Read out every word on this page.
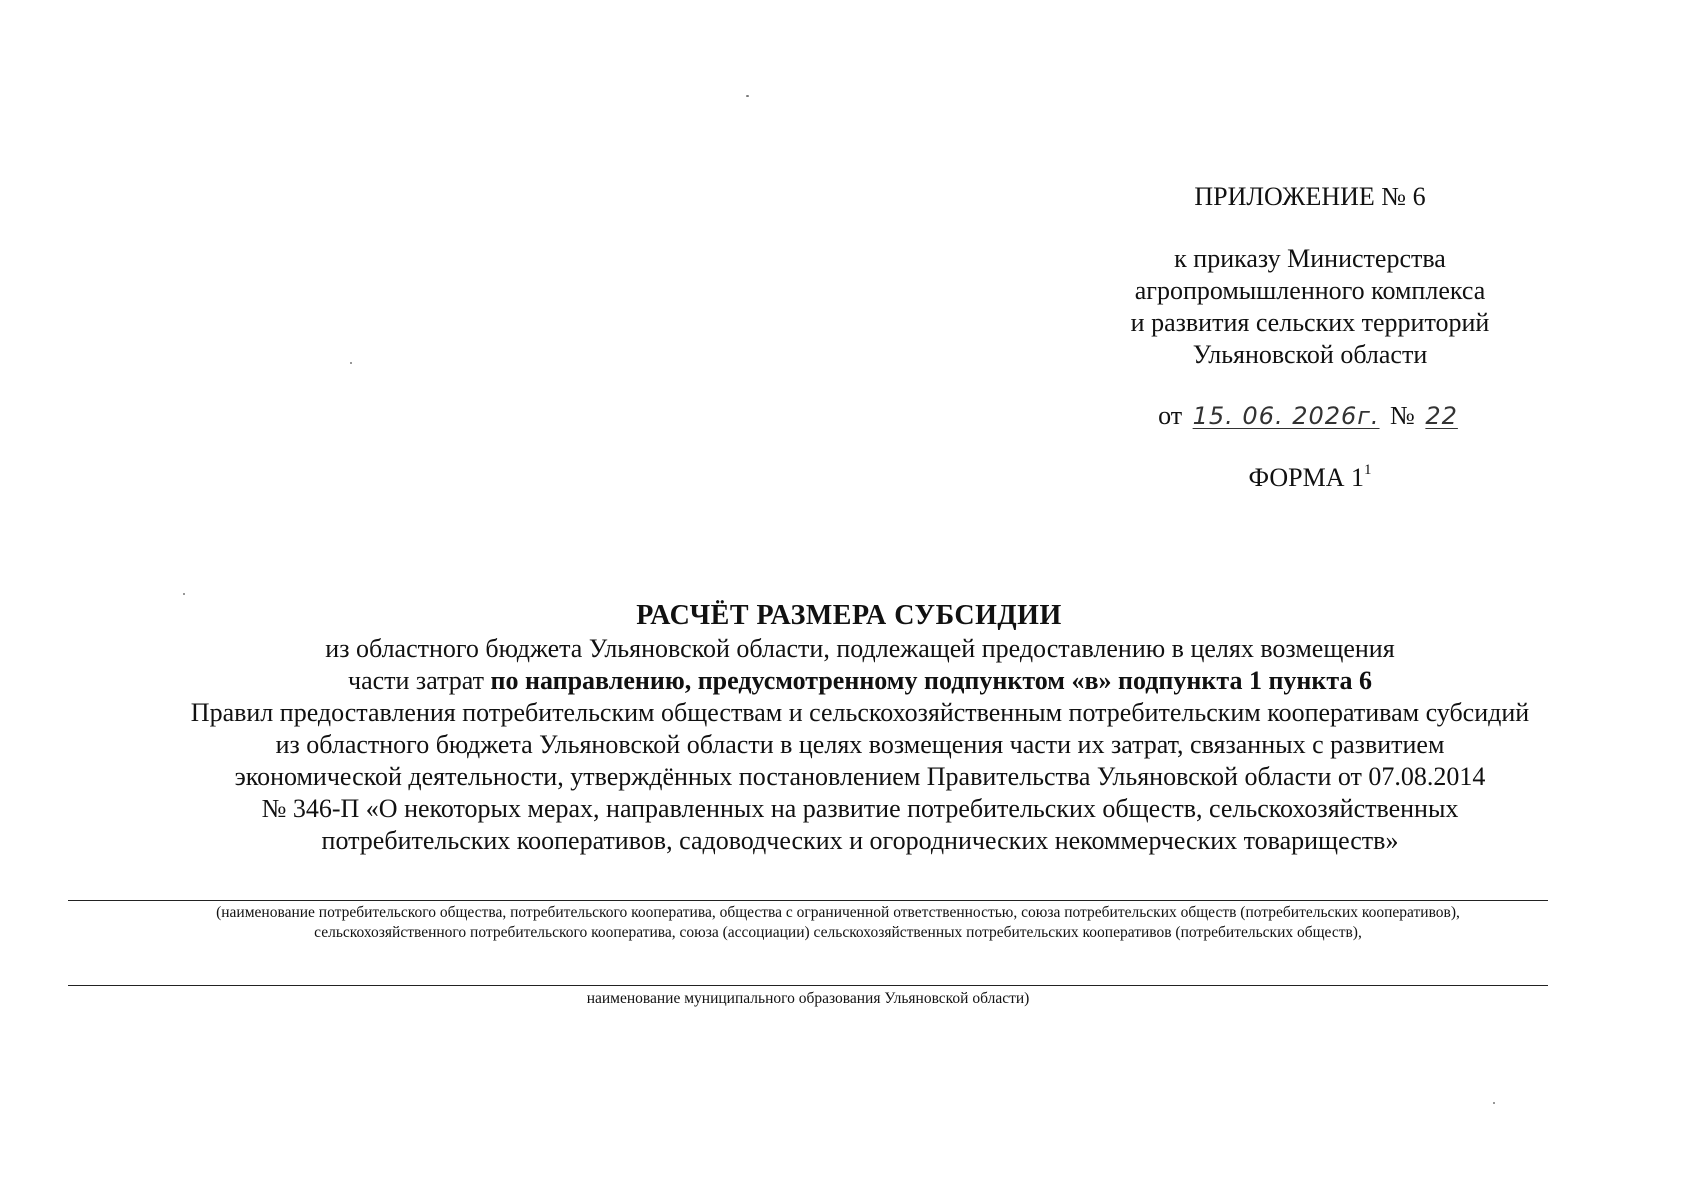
ПРИЛОЖЕНИЕ № 6
к приказу Министерства
агропромышленного комплекса
и развития сельских территорий
Ульяновской области
от 15. 06. 2026г. № 22
ФОРМА $1^1$
РАСЧЁТ РАЗМЕРА СУБСИДИИ
из областного бюджета Ульяновской области, подлежащей предоставлению в целях возмещения
части затрат по направлению, предусмотренному подпунктом «в» подпункта 1 пункта 6
Правил предоставления потребительским обществам и сельскохозяйственным потребительским кооперативам субсидий
из областного бюджета Ульяновской области в целях возмещения части их затрат, связанных с развитием
экономической деятельности, утверждённых постановлением Правительства Ульяновской области от 07.08.2014
№ 346-П «О некоторых мерах, направленных на развитие потребительских обществ, сельскохозяйственных
потребительских кооперативов, садоводческих и огороднических некоммерческих товариществ»
(наименование потребительского общества, потребительского кооператива, общества с ограниченной ответственностью, союза потребительских обществ (потребительских кооперативов),
сельскохозяйственного потребительского кооператива, союза (ассоциации) сельскохозяйственных потребительских кооперативов (потребительских обществ),
наименование муниципального образования Ульяновской области)
